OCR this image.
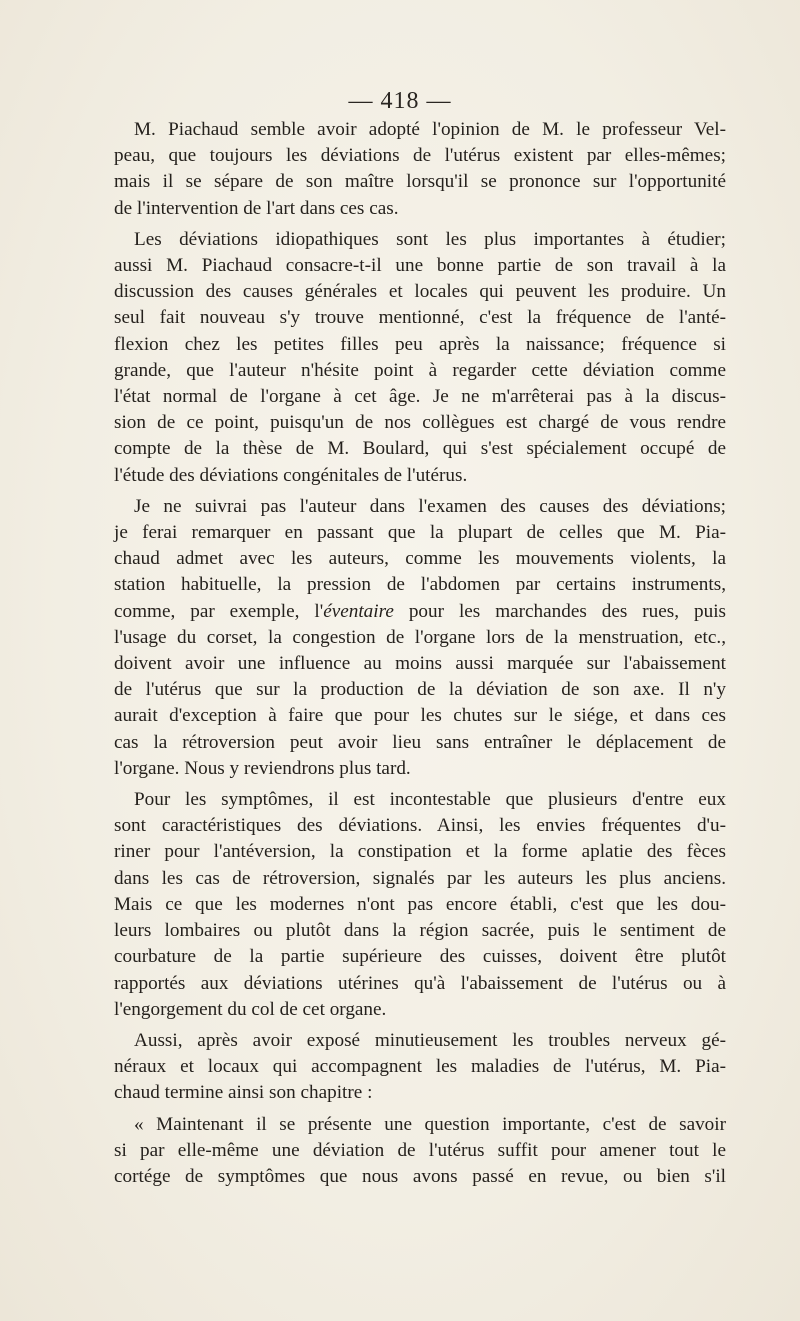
— 418 —
M. Piachaud semble avoir adopté l'opinion de M. le professeur Vel-
peau, que toujours les déviations de l'utérus existent par elles-mêmes;
mais il se sépare de son maître lorsqu'il se prononce sur l'opportunité
de l'intervention de l'art dans ces cas.
Les déviations idiopathiques sont les plus importantes à étudier;
aussi M. Piachaud consacre-t-il une bonne partie de son travail à la
discussion des causes générales et locales qui peuvent les produire. Un
seul fait nouveau s'y trouve mentionné, c'est la fréquence de l'anté-
flexion chez les petites filles peu après la naissance; fréquence si
grande, que l'auteur n'hésite point à regarder cette déviation comme
l'état normal de l'organe à cet âge. Je ne m'arrêterai pas à la discus-
sion de ce point, puisqu'un de nos collègues est chargé de vous rendre
compte de la thèse de M. Boulard, qui s'est spécialement occupé de
l'étude des déviations congénitales de l'utérus.
Je ne suivrai pas l'auteur dans l'examen des causes des déviations;
je ferai remarquer en passant que la plupart de celles que M. Pia-
chaud admet avec les auteurs, comme les mouvements violents, la
station habituelle, la pression de l'abdomen par certains instruments,
comme, par exemple, l'éventaire pour les marchandes des rues, puis
l'usage du corset, la congestion de l'organe lors de la menstruation, etc.,
doivent avoir une influence au moins aussi marquée sur l'abaissement
de l'utérus que sur la production de la déviation de son axe. Il n'y
aurait d'exception à faire que pour les chutes sur le siége, et dans ces
cas la rétroversion peut avoir lieu sans entraîner le déplacement de
l'organe. Nous y reviendrons plus tard.
Pour les symptômes, il est incontestable que plusieurs d'entre eux
sont caractéristiques des déviations. Ainsi, les envies fréquentes d'u-
riner pour l'antéversion, la constipation et la forme aplatie des fèces
dans les cas de rétroversion, signalés par les auteurs les plus anciens.
Mais ce que les modernes n'ont pas encore établi, c'est que les dou-
leurs lombaires ou plutôt dans la région sacrée, puis le sentiment de
courbature de la partie supérieure des cuisses, doivent être plutôt
rapportés aux déviations utérines qu'à l'abaissement de l'utérus ou à
l'engorgement du col de cet organe.
Aussi, après avoir exposé minutieusement les troubles nerveux gé-
néraux et locaux qui accompagnent les maladies de l'utérus, M. Pia-
chaud termine ainsi son chapitre :
« Maintenant il se présente une question importante, c'est de savoir
si par elle-même une déviation de l'utérus suffit pour amener tout le
cortége de symptômes que nous avons passé en revue, ou bien s'il
